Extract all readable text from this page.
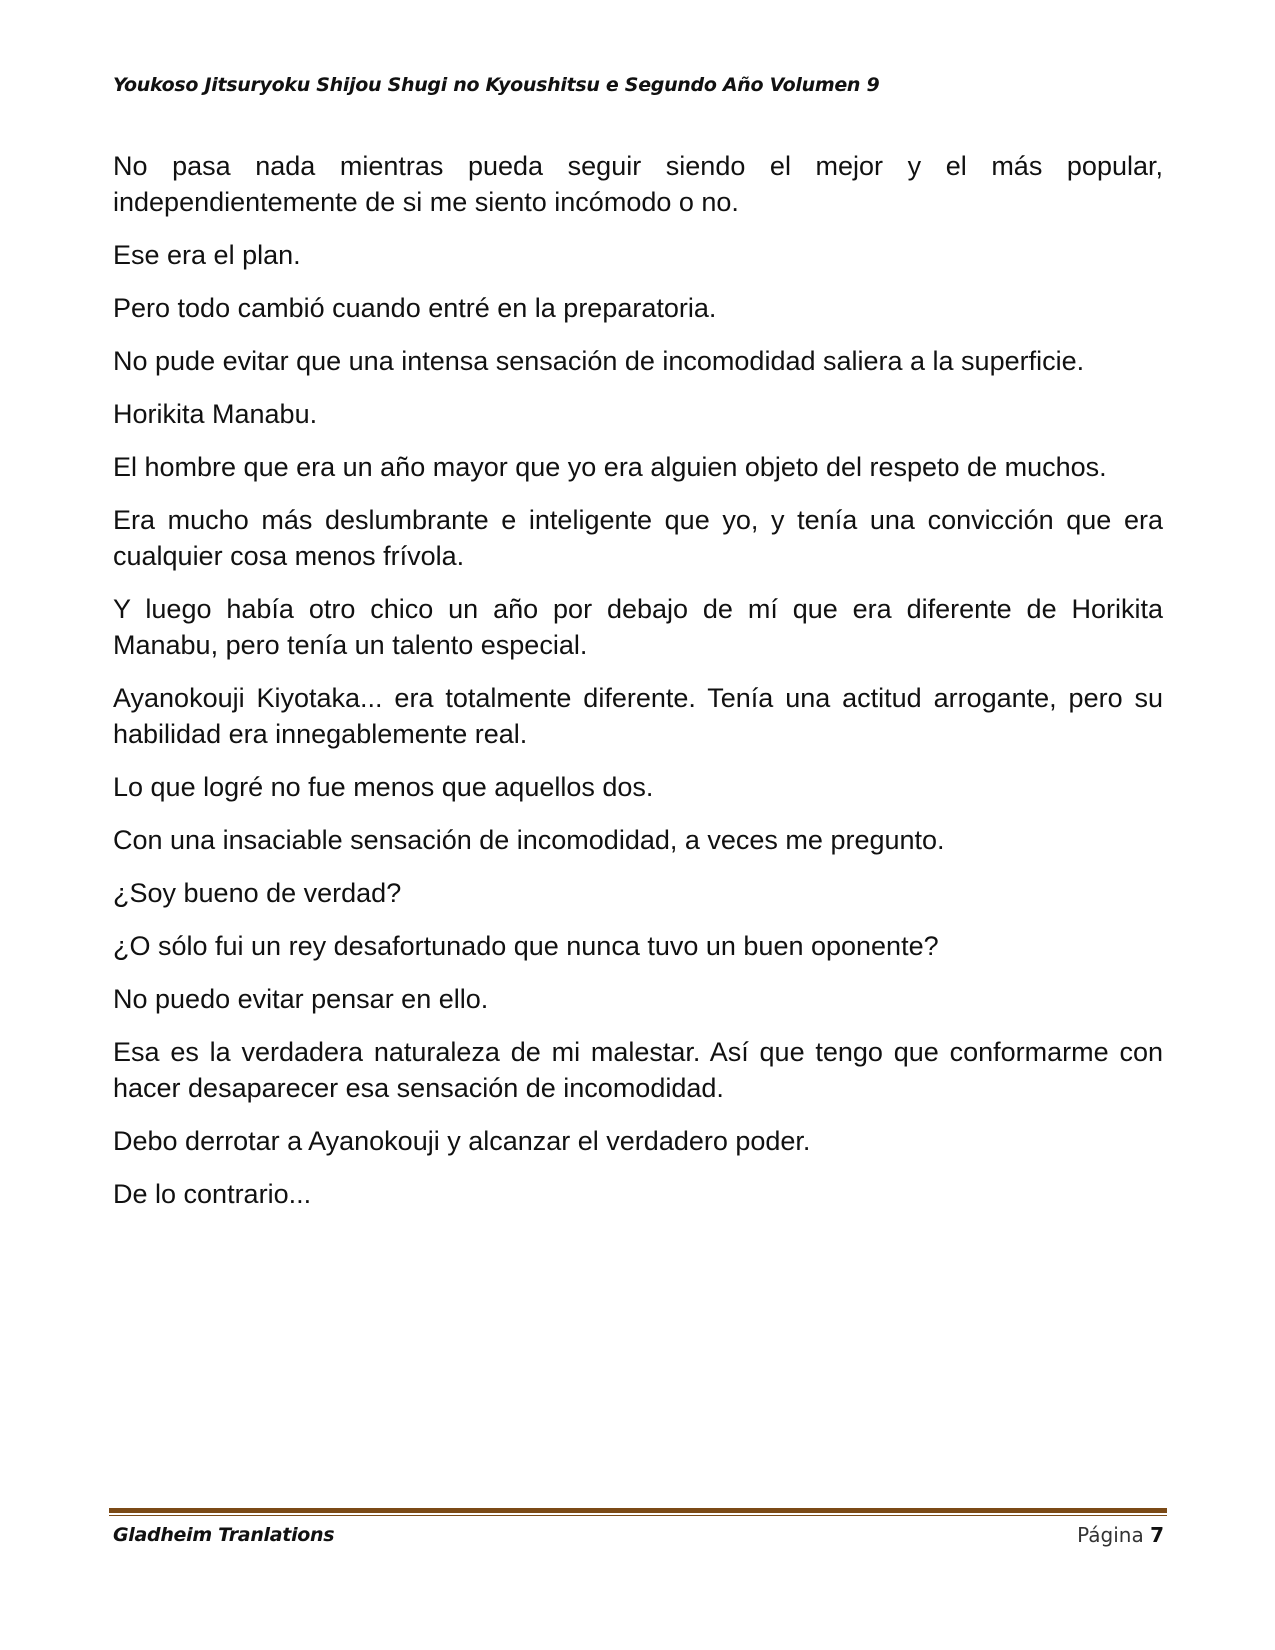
Youkoso Jitsuryoku Shijou Shugi no Kyoushitsu e Segundo Año Volumen 9

No pasa nada mientras pueda seguir siendo el mejor y el más popular, independientemente de si me siento incómodo o no.

Ese era el plan.

Pero todo cambió cuando entré en la preparatoria.

No pude evitar que una intensa sensación de incomodidad saliera a la superficie.

Horikita Manabu.

El hombre que era un año mayor que yo era alguien objeto del respeto de muchos.

Era mucho más deslumbrante e inteligente que yo, y tenía una convicción que era cualquier cosa menos frívola.

Y luego había otro chico un año por debajo de mí que era diferente de Horikita Manabu, pero tenía un talento especial.

Ayanokouji Kiyotaka... era totalmente diferente. Tenía una actitud arrogante, pero su habilidad era innegablemente real.

Lo que logré no fue menos que aquellos dos.

Con una insaciable sensación de incomodidad, a veces me pregunto.

¿Soy bueno de verdad?

¿O sólo fui un rey desafortunado que nunca tuvo un buen oponente?

No puedo evitar pensar en ello.

Esa es la verdadera naturaleza de mi malestar. Así que tengo que conformarme con hacer desaparecer esa sensación de incomodidad.

Debo derrotar a Ayanokouji y alcanzar el verdadero poder.

De lo contrario...

Gladheim Tranlations	Página 7
